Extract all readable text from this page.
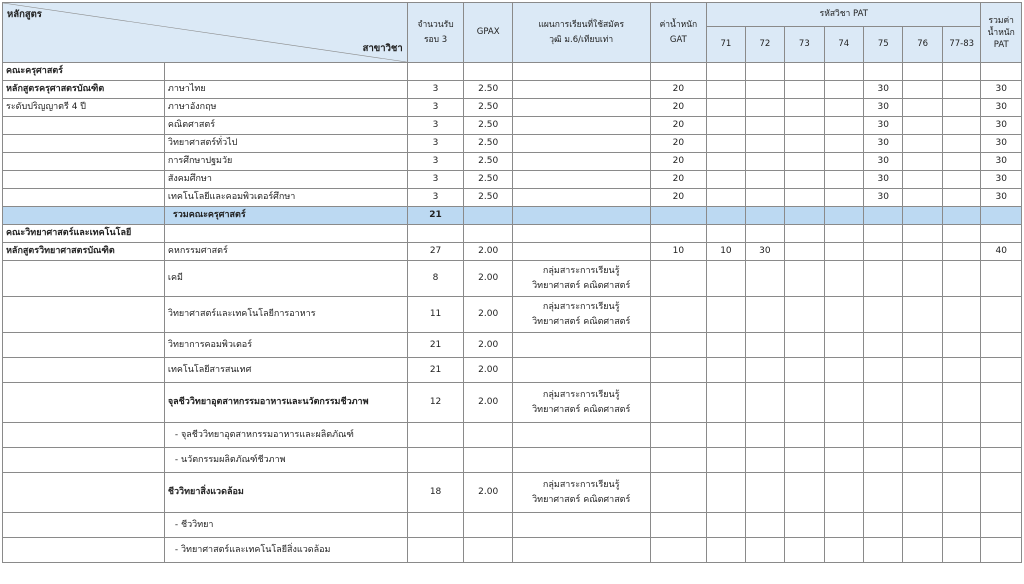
หลักสูตร
สาขาวิชา		จำนวนรับ
รอบ 3	GPAX	แผนการเรียนที่ใช้สมัคร
วุฒิ ม.6/เทียบเท่า	ค่าน้ำหนัก
GAT	รหัสวิชา PAT							รวมค่า
น้ำหนัก
PAT
						71	72	73	74	75	76	77-83	
คณะครุศาสตร์				

หลักสูตรครุศาสตรบัณฑิต	ภาษาไทย	3	2.50		20					30			30
ระดับปริญญาตรี 4 ปี	ภาษาอังกฤษ	3	2.50		20					30			30
	คณิตศาสตร์	3	2.50		20					30			30
	วิทยาศาสตร์ทั่วไป	3	2.50		20					30			30
	การศึกษาปฐมวัย	3	2.50		20					30			30
	สังคมศึกษา	3	2.50		20					30			30
	เทคโนโลยีและคอมพิวเตอร์ศึกษา	3	2.50		20					30			30
	รวมคณะครุศาสตร์	21		

คณะวิทยาศาสตร์และเทคโนโลยี				

หลักสูตรวิทยาศาสตรบัณฑิต	คหกรรมศาสตร์	27	2.00		10	10	30						40
	เคมี	8	2.00	กลุ่มสาระการเรียนรู้
วิทยาศาสตร์ คณิตศาสตร์									
	วิทยาศาสตร์และเทคโนโลยีการอาหาร	11	2.00	กลุ่มสาระการเรียนรู้
วิทยาศาสตร์ คณิตศาสตร์									
	วิทยาการคอมพิวเตอร์	21	2.00	

	เทคโนโลยีสารสนเทศ	21	2.00	

	จุลชีววิทยาอุตสาหกรรมอาหารและนวัตกรรมชีวภาพ	12	2.00	กลุ่มสาระการเรียนรู้
วิทยาศาสตร์ คณิตศาสตร์									
	- จุลชีววิทยาอุตสาหกรรมอาหารและผลิตภัณฑ์			

	- นวัตกรรมผลิตภัณฑ์ชีวภาพ			

	ชีววิทยาสิ่งแวดล้อม	18	2.00	กลุ่มสาระการเรียนรู้
วิทยาศาสตร์ คณิตศาสตร์									
	- ชีววิทยา			

	- วิทยาศาสตร์และเทคโนโลยีสิ่งแวดล้อม			
